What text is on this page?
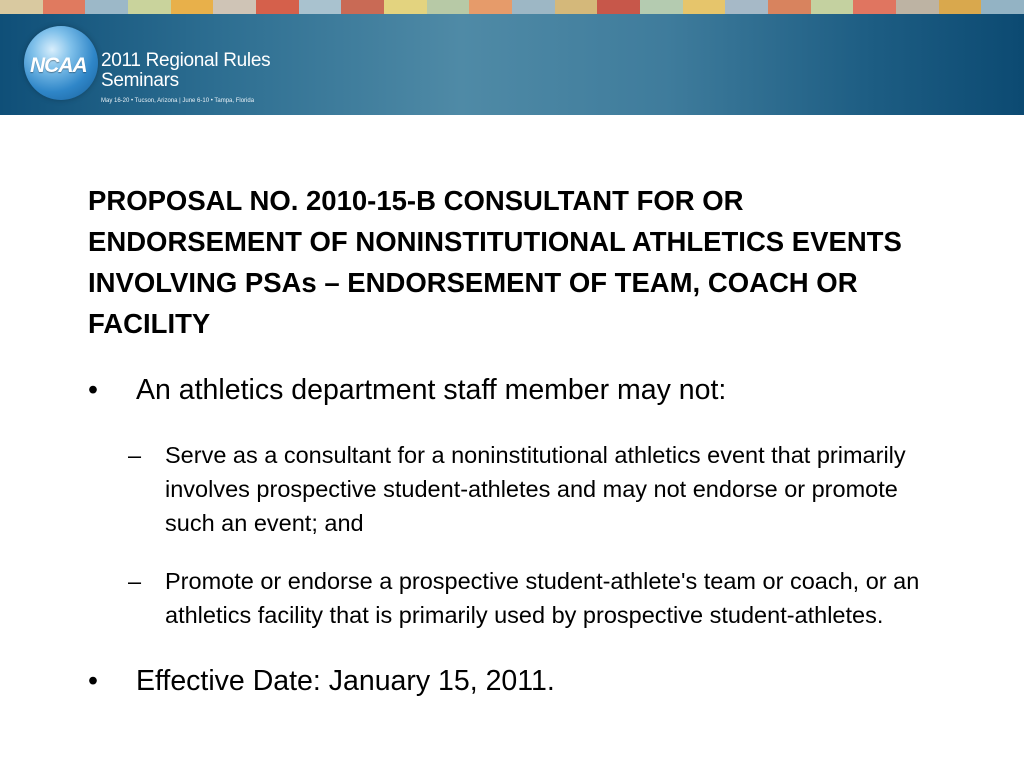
NCAA 2011 Regional Rules
Seminars
May 16-20 • Tucson, Arizona | June 6-10 • Tampa, Florida
PROPOSAL NO. 2010-15-B CONSULTANT FOR OR ENDORSEMENT OF NONINSTITUTIONAL ATHLETICS EVENTS INVOLVING PSAs – ENDORSEMENT OF TEAM, COACH OR FACILITY
• An athletics department staff member may not:
– Serve as a consultant for a noninstitutional athletics event that primarily involves prospective student-athletes and may not endorse or promote such an event; and
– Promote or endorse a prospective student-athlete's team or coach, or an athletics facility that is primarily used by prospective student-athletes.
• Effective Date: January 15, 2011.
